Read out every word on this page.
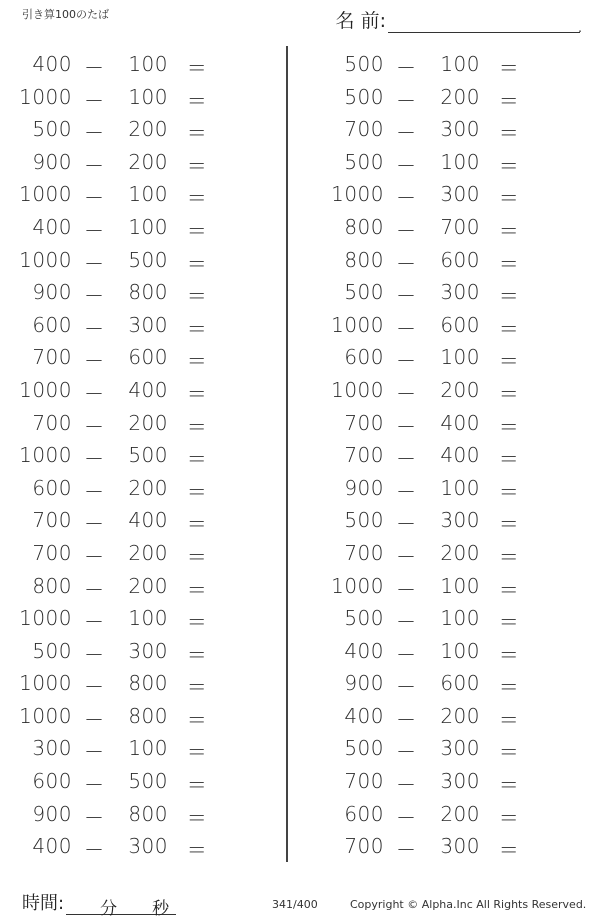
引き算100のたば	名 前:	.
400 －	100 ＝
1000 －	100 ＝
500 －	200 ＝
900 －	200 ＝
1000 －	100 ＝
400 －	100 ＝
1000 －	500 ＝
900 －	800 ＝
600 －	300 ＝
700 －	600 ＝
1000 －	400 ＝
700 －	200 ＝
1000 －	500 ＝
600 －	200 ＝
700 －	400 ＝
700 －	200 ＝
800 －	200 ＝
1000 －	100 ＝
500 －	300 ＝
1000 －	800 ＝
1000 －	800 ＝
300 －	100 ＝
600 －	500 ＝
900 －	800 ＝
400 －	300 ＝
500 －	100 ＝
500 －	200 ＝
700 －	300 ＝
500 －	100 ＝
1000 －	300 ＝
800 －	700 ＝
800 －	600 ＝
500 －	300 ＝
1000 －	600 ＝
600 －	100 ＝
1000 －	200 ＝
700 －	400 ＝
700 －	400 ＝
900 －	100 ＝
500 －	300 ＝
700 －	200 ＝
1000 －	100 ＝
500 －	100 ＝
400 －	100 ＝
900 －	600 ＝
400 －	200 ＝
500 －	300 ＝
700 －	300 ＝
600 －	200 ＝
700 －	300 ＝
時間: 分 秒	341/400	Copyright © Alpha.Inc All Rights Reserved.
